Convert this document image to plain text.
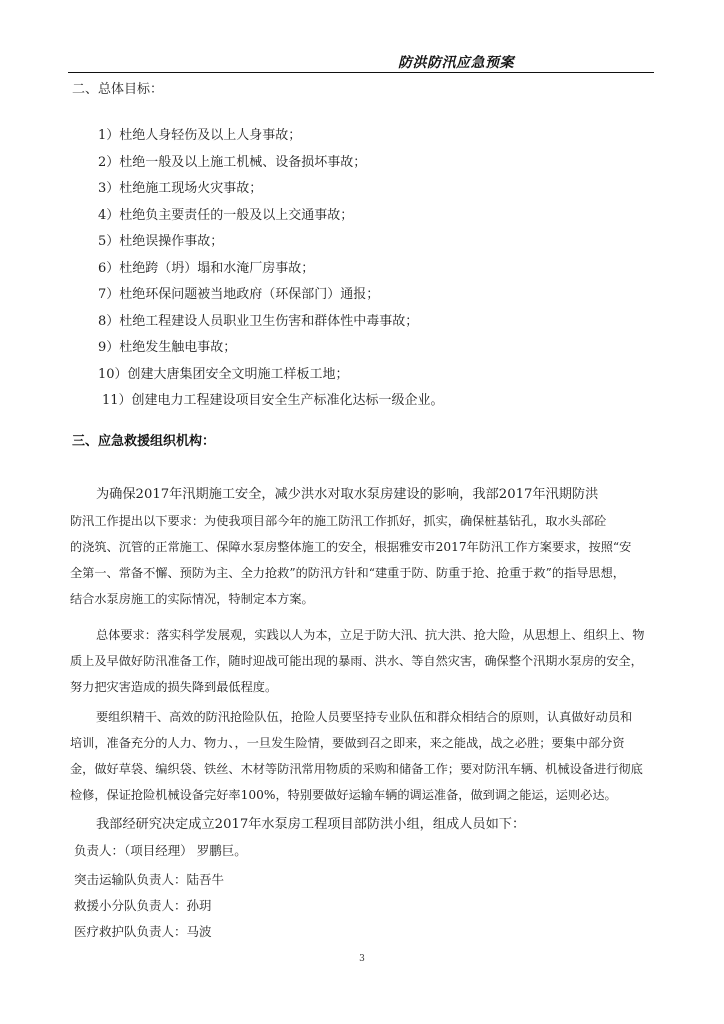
防洪防汛应急预案
二、总体目标：
1）杜绝人身轻伤及以上人身事故；
2）杜绝一般及以上施工机械、设备损坏事故；
3）杜绝施工现场火灾事故；
4）杜绝负主要责任的一般及以上交通事故；
5）杜绝误操作事故；
6）杜绝跨（坍）塌和水淹厂房事故；
7）杜绝环保问题被当地政府（环保部门）通报；
8）杜绝工程建设人员职业卫生伤害和群体性中毒事故；
9）杜绝发生触电事故；
10）创建大唐集团安全文明施工样板工地；
11）创建电力工程建设项目安全生产标准化达标一级企业。
三、应急救援组织机构：
为确保2017年汛期施工安全，减少洪水对取水泵房建设的影响，我部2017年汛期防洪
防汛工作提出以下要求：为使我项目部今年的施工防汛工作抓好，抓实，确保桩基钻孔，取水头部砼
的浇筑、沉管的正常施工、保障水泵房整体施工的安全，根据雅安市2017年防汛工作方案要求，按照“安
全第一、常备不懈、预防为主、全力抢救”的防汛方针和“建重于防、防重于抢、抢重于救”的指导思想，
结合水泵房施工的实际情况，特制定本方案。
总体要求：落实科学发展观，实践以人为本，立足于防大汛、抗大洪、抢大险，从思想上、组织上、物
质上及早做好防汛准备工作，随时迎战可能出现的暴雨、洪水、等自然灾害，确保整个汛期水泵房的安全，
努力把灾害造成的损失降到最低程度。
要组织精干、高效的防汛抢险队伍，抢险人员要坚持专业队伍和群众相结合的原则，认真做好动员和
培训，准备充分的人力、物力、，一旦发生险情，要做到召之即来，来之能战，战之必胜；要集中部分资
金，做好草袋、编织袋、铁丝、木材等防汛常用物质的采购和储备工作；要对防汛车辆、机械设备进行彻底
检修，保证抢险机械设备完好率100%，特别要做好运输车辆的调运准备，做到调之能运，运则必达。
我部经研究决定成立2017年水泵房工程项目部防洪小组，组成人员如下：
负责人：（项目经理） 罗鹏巨。
突击运输队负责人：陆吾牛
救援小分队负责人：孙玥
医疗救护队负责人：马波
3
